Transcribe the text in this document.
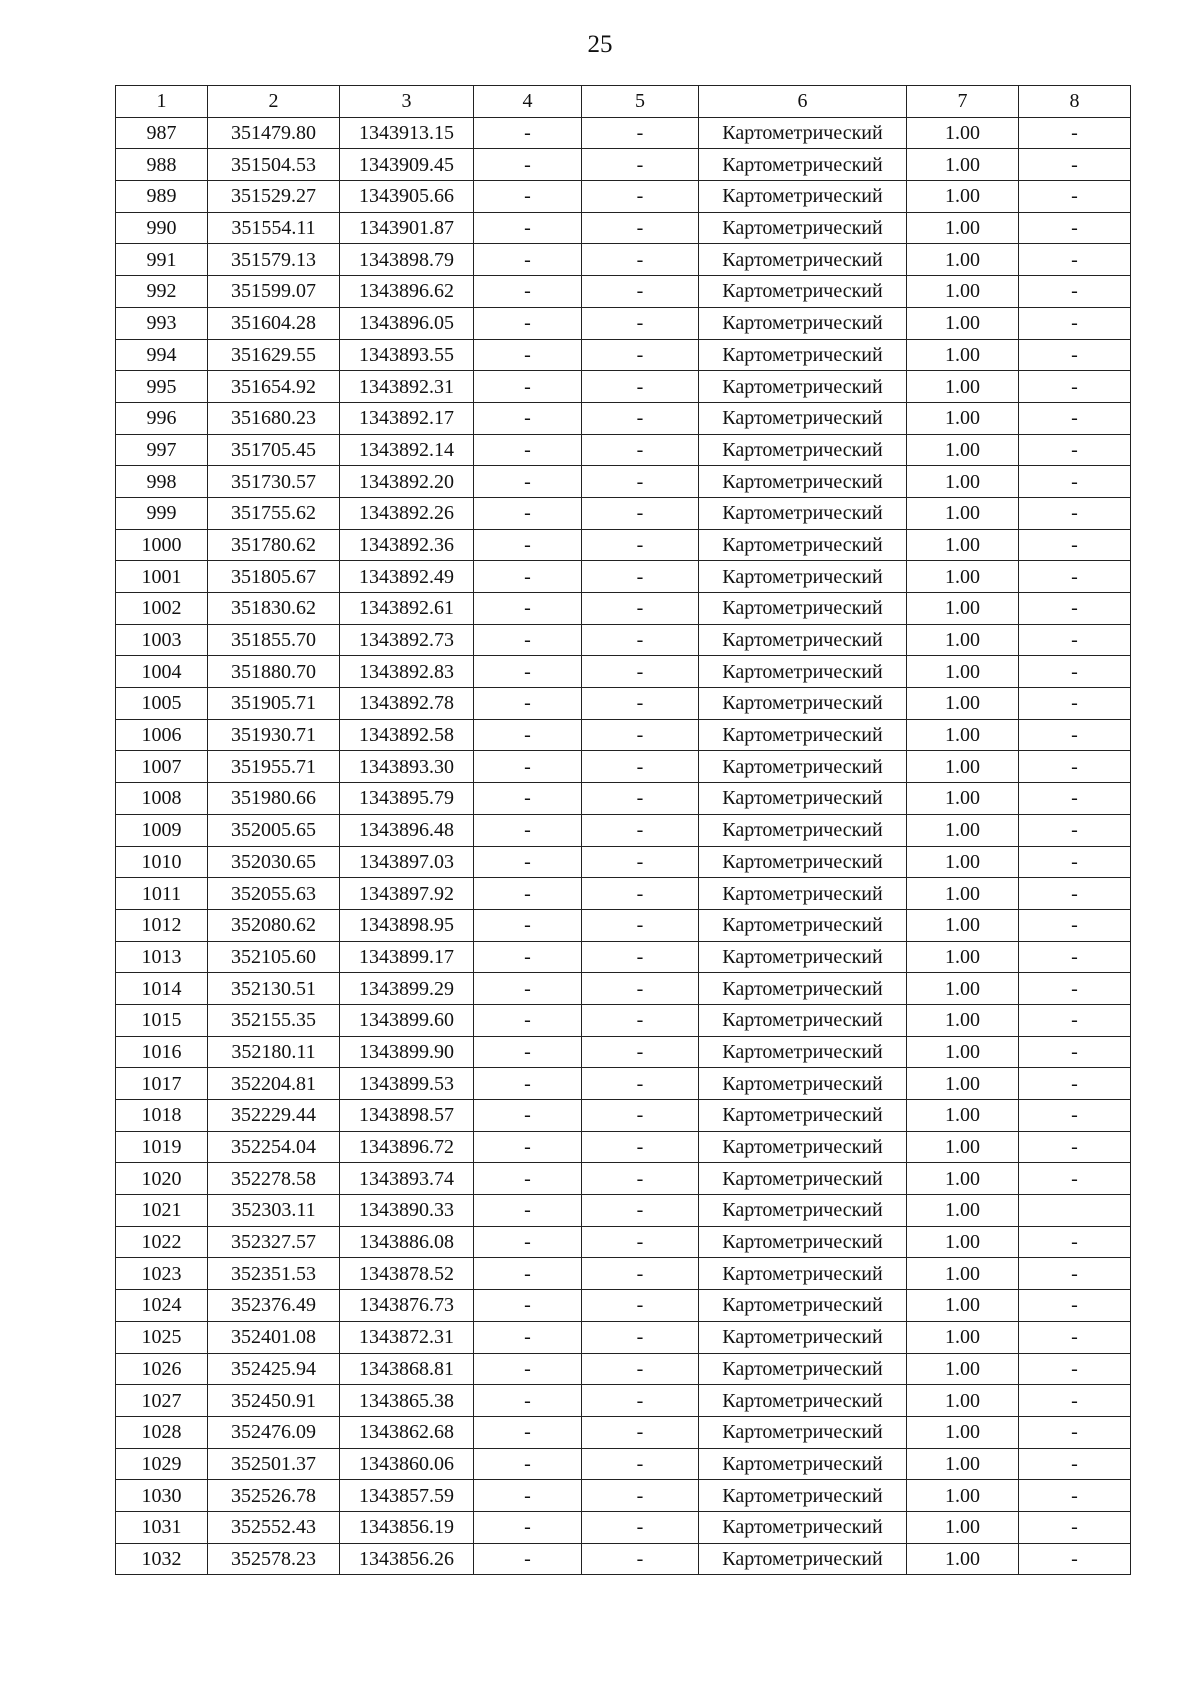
25
1	2	3	4	5	6	7	8
987	351479.80	1343913.15	-	-	Картометрический	1.00	-
988	351504.53	1343909.45	-	-	Картометрический	1.00	-
989	351529.27	1343905.66	-	-	Картометрический	1.00	-
990	351554.11	1343901.87	-	-	Картометрический	1.00	-
991	351579.13	1343898.79	-	-	Картометрический	1.00	-
992	351599.07	1343896.62	-	-	Картометрический	1.00	-
993	351604.28	1343896.05	-	-	Картометрический	1.00	-
994	351629.55	1343893.55	-	-	Картометрический	1.00	-
995	351654.92	1343892.31	-	-	Картометрический	1.00	-
996	351680.23	1343892.17	-	-	Картометрический	1.00	-
997	351705.45	1343892.14	-	-	Картометрический	1.00	-
998	351730.57	1343892.20	-	-	Картометрический	1.00	-
999	351755.62	1343892.26	-	-	Картометрический	1.00	-
1000	351780.62	1343892.36	-	-	Картометрический	1.00	-
1001	351805.67	1343892.49	-	-	Картометрический	1.00	-
1002	351830.62	1343892.61	-	-	Картометрический	1.00	-
1003	351855.70	1343892.73	-	-	Картометрический	1.00	-
1004	351880.70	1343892.83	-	-	Картометрический	1.00	-
1005	351905.71	1343892.78	-	-	Картометрический	1.00	-
1006	351930.71	1343892.58	-	-	Картометрический	1.00	-
1007	351955.71	1343893.30	-	-	Картометрический	1.00	-
1008	351980.66	1343895.79	-	-	Картометрический	1.00	-
1009	352005.65	1343896.48	-	-	Картометрический	1.00	-
1010	352030.65	1343897.03	-	-	Картометрический	1.00	-
1011	352055.63	1343897.92	-	-	Картометрический	1.00	-
1012	352080.62	1343898.95	-	-	Картометрический	1.00	-
1013	352105.60	1343899.17	-	-	Картометрический	1.00	-
1014	352130.51	1343899.29	-	-	Картометрический	1.00	-
1015	352155.35	1343899.60	-	-	Картометрический	1.00	-
1016	352180.11	1343899.90	-	-	Картометрический	1.00	-
1017	352204.81	1343899.53	-	-	Картометрический	1.00	-
1018	352229.44	1343898.57	-	-	Картометрический	1.00	-
1019	352254.04	1343896.72	-	-	Картометрический	1.00	-
1020	352278.58	1343893.74	-	-	Картометрический	1.00	-
1021	352303.11	1343890.33	-	-	Картометрический	1.00	
1022	352327.57	1343886.08	-	-	Картометрический	1.00	-
1023	352351.53	1343878.52	-	-	Картометрический	1.00	-
1024	352376.49	1343876.73	-	-	Картометрический	1.00	-
1025	352401.08	1343872.31	-	-	Картометрический	1.00	-
1026	352425.94	1343868.81	-	-	Картометрический	1.00	-
1027	352450.91	1343865.38	-	-	Картометрический	1.00	-
1028	352476.09	1343862.68	-	-	Картометрический	1.00	-
1029	352501.37	1343860.06	-	-	Картометрический	1.00	-
1030	352526.78	1343857.59	-	-	Картометрический	1.00	-
1031	352552.43	1343856.19	-	-	Картометрический	1.00	-
1032	352578.23	1343856.26	-	-	Картометрический	1.00	-
